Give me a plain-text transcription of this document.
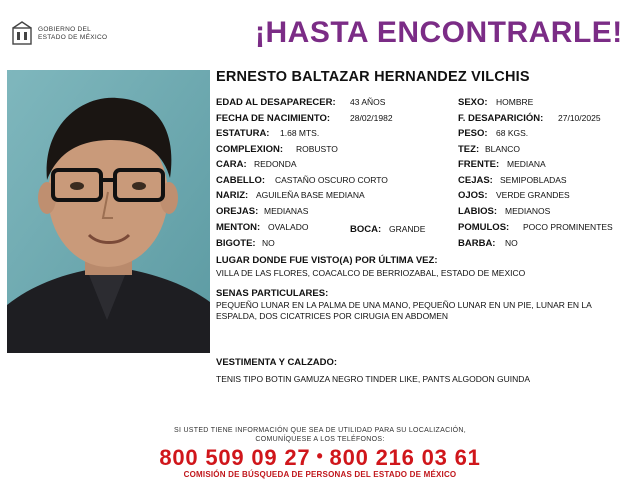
GOBIERNO DEL
ESTADO DE MÉXICO	¡HASTA ENCONTRARLE!
ERNESTO BALTAZAR HERNANDEZ VILCHIS
EDAD AL DESAPARECER: 43 AÑOS
FECHA DE NACIMIENTO: 28/02/1982
ESTATURA: 1.68 MTS.
COMPLEXION: ROBUSTO
CARA: REDONDA
CABELLO: CASTAÑO OSCURO CORTO
NARIZ: AGUILEÑA BASE MEDIANA
OREJAS: MEDIANAS
MENTON: OVALADO	BOCA: GRANDE
BIGOTE: NO
SEXO: HOMBRE
F. DESAPARICIÓN: 27/10/2025
PESO: 68 KGS.
TEZ: BLANCO
FRENTE: MEDIANA
CEJAS: SEMIPOBLADAS
OJOS: VERDE GRANDES
LABIOS: MEDIANOS
POMULOS: POCO PROMINENTES
BARBA: NO
LUGAR DONDE FUE VISTO(A) POR ÚLTIMA VEZ:
VILLA DE LAS FLORES, COACALCO DE BERRIOZABAL, ESTADO DE MEXICO
SENAS PARTICULARES:
PEQUEÑO LUNAR EN LA PALMA DE UNA MANO, PEQUEÑO LUNAR EN UN PIE, LUNAR EN LA ESPALDA, DOS CICATRICES POR CIRUGIA EN ABDOMEN
VESTIMENTA Y CALZADO:
TENIS TIPO BOTIN GAMUZA NEGRO TINDER LIKE, PANTS ALGODON GUINDA
SI USTED TIENE INFORMACIÓN QUE SEA DE UTILIDAD PARA SU LOCALIZACIÓN,
COMUNÍQUESE A LOS TELÉFONOS:
800 509 09 27 • 800 216 03 61
COMISIÓN DE BÚSQUEDA DE PERSONAS DEL ESTADO DE MÉXICO
